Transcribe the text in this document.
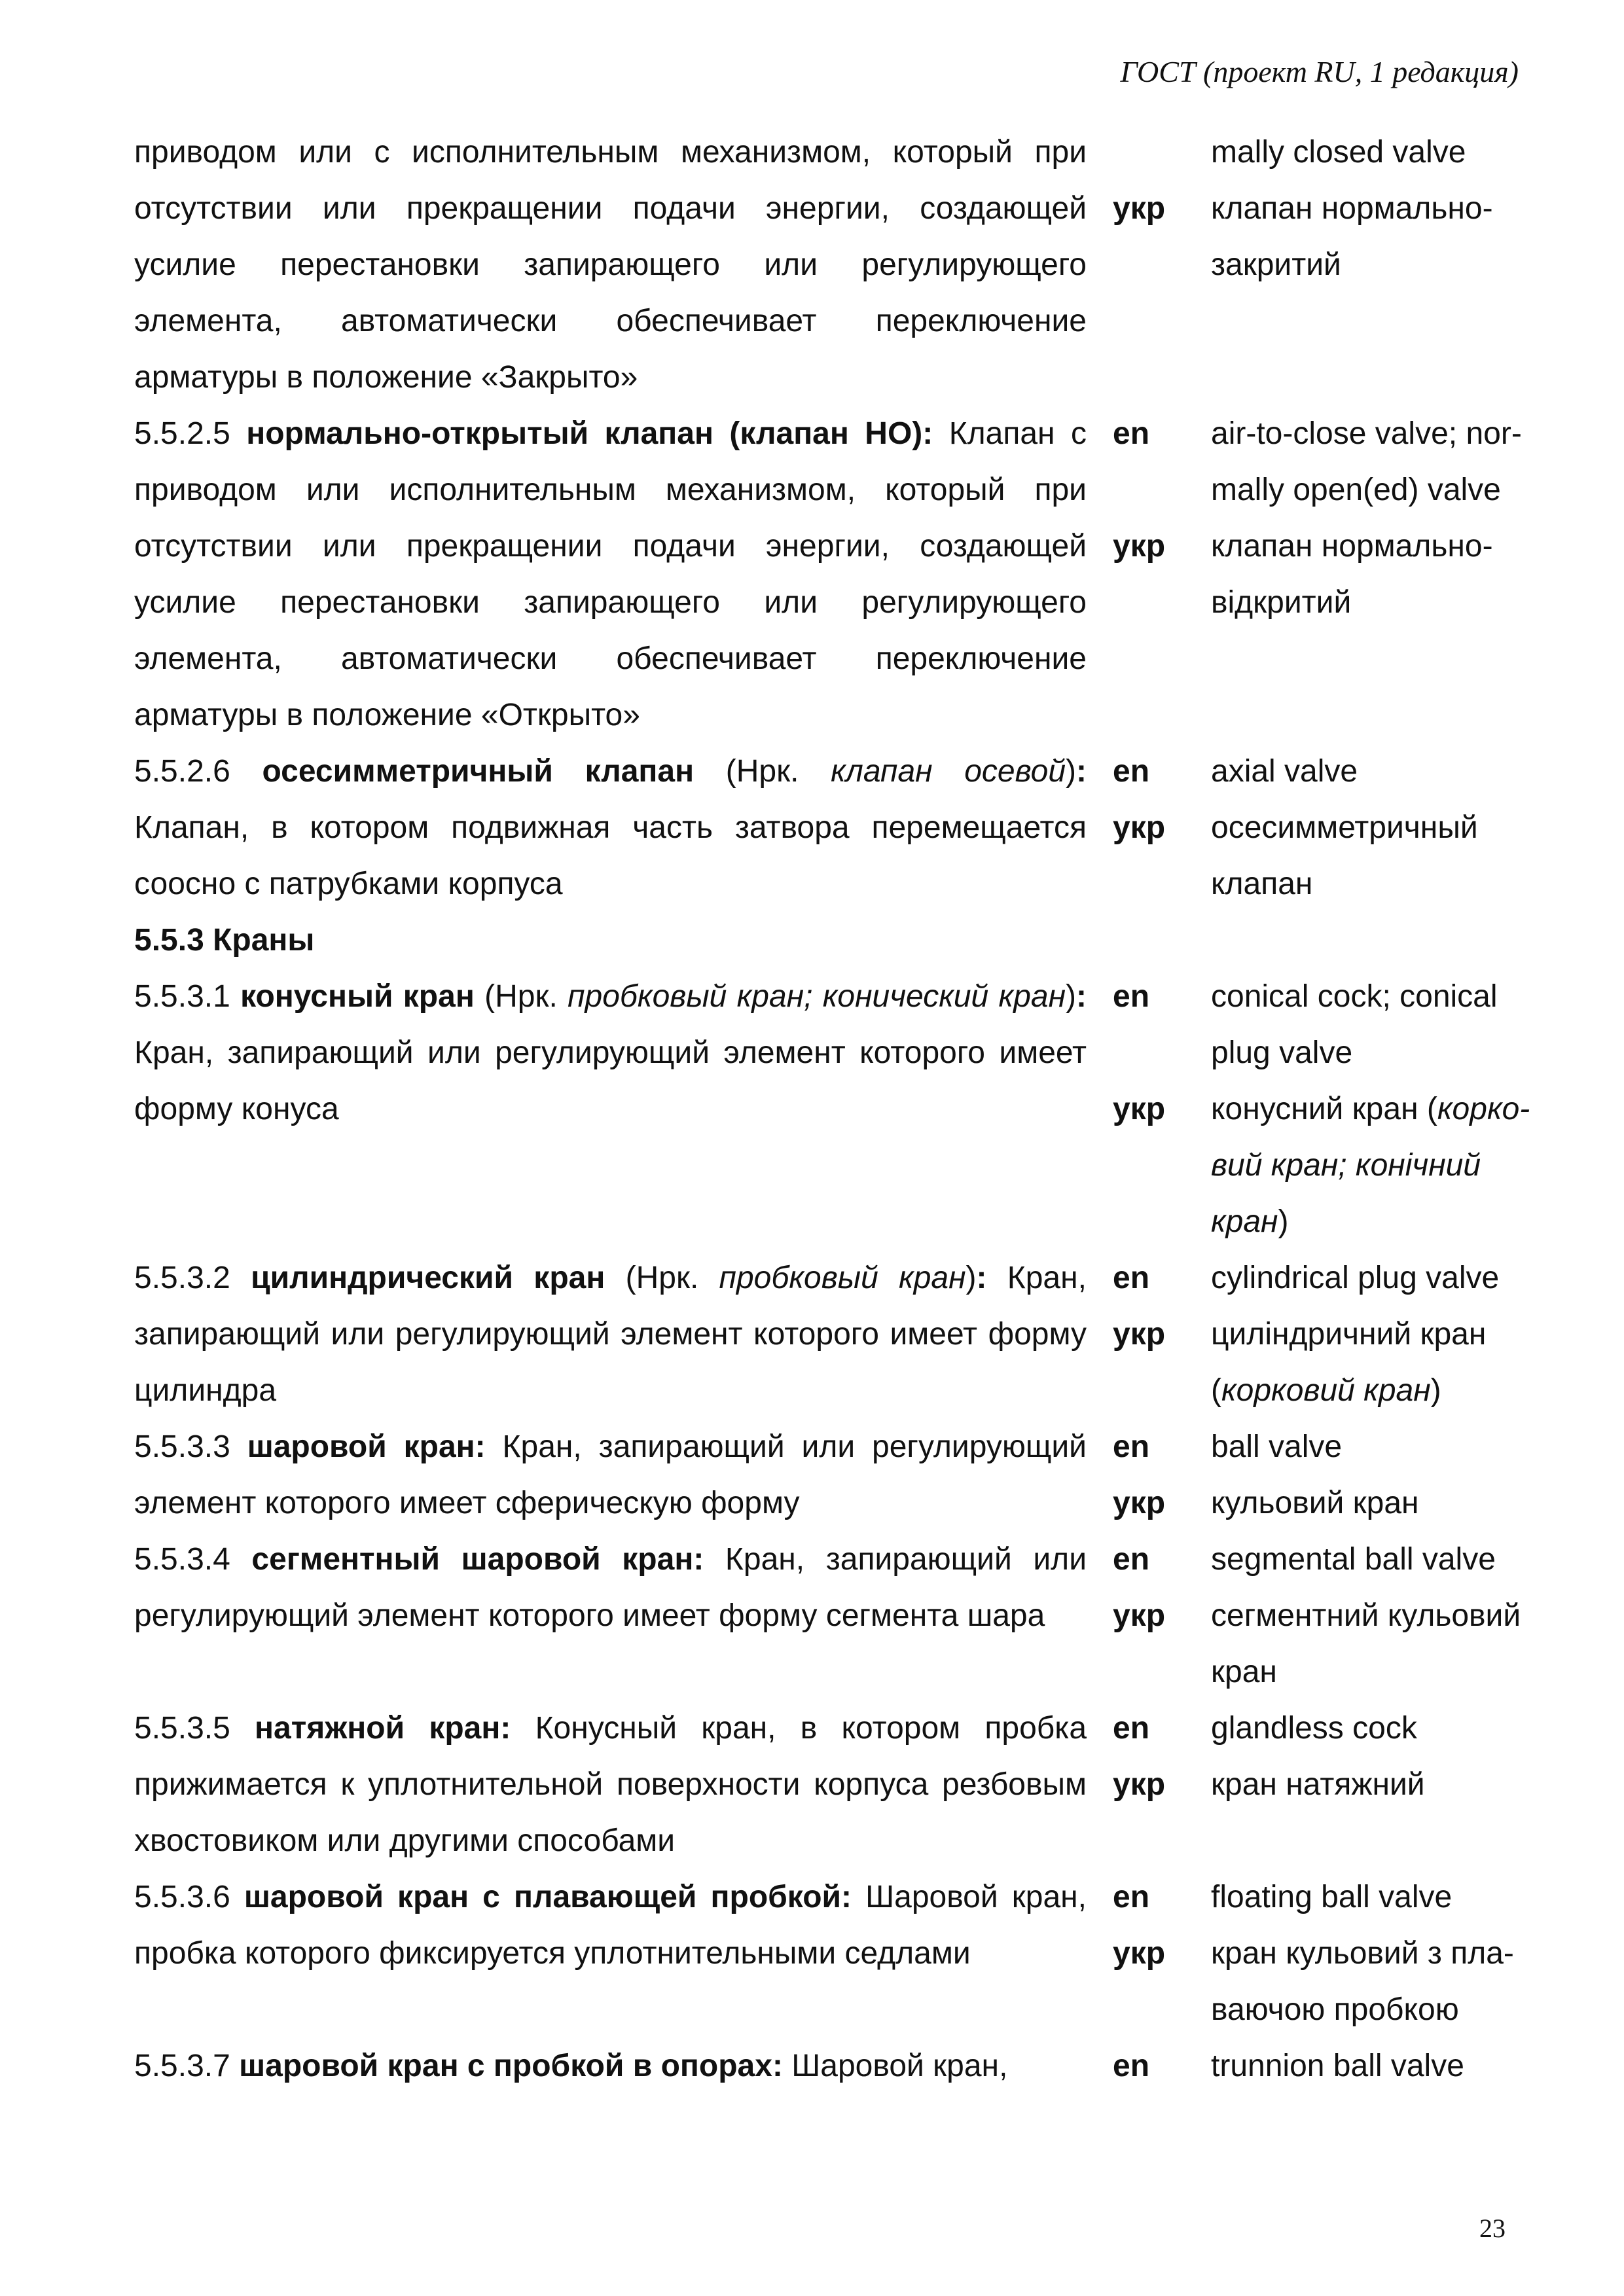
ГОСТ (проект RU, 1 редакция)
приводом или с исполнительным механизмом, который при отсутствии или прекращении подачи энергии, создающей усилие перестановки запирающего или регулирующего элемента, автоматически обеспечивает переключение арматуры в положение «Закрыто»
укр
mally closed valve
клапан нормально-
закритий
5.5.2.5 нормально-открытый клапан (клапан НО): Клапан с приводом или исполнительным механизмом, который при отсутствии или прекращении подачи энергии, создающей усилие перестановки запирающего или регулирующего элемента, автоматически обеспечивает переключение арматуры в положение «Открыто»
en
укр
air-to-close valve; nor-
mally open(ed) valve
клапан нормально-
відкритий
5.5.2.6 осесимметричный клапан (Нрк. клапан осевой): Клапан, в котором подвижная часть затвора перемещается соосно с патрубками корпуса
en
укр
axial valve
осесимметричный
клапан
5.5.3 Краны
5.5.3.1 конусный кран (Нрк. пробковый кран; конический кран): Кран, запирающий или регулирующий элемент которого имеет форму конуса
en
укр
conical cock; conical
plug valve
конусний кран (корко-
вий кран; конічний
кран)
5.5.3.2 цилиндрический кран (Нрк. пробковый кран): Кран, запирающий или регулирующий элемент которого имеет форму цилиндра
en
укр
cylindrical plug valve
циліндричний кран
(корковий кран)
5.5.3.3 шаровой кран: Кран, запирающий или регулирующий элемент которого имеет сферическую форму
en
укр
ball valve
кульовий кран
5.5.3.4 сегментный шаровой кран: Кран, запирающий или регулирующий элемент которого имеет форму сегмента шара
en
укр
segmental ball valve
сегментний кульовий
кран
5.5.3.5 натяжной кран: Конусный кран, в котором пробка прижимается к уплотнительной поверхности корпуса резбовым хвостовиком или другими способами
en
укр
glandless cock
кран натяжний
5.5.3.6 шаровой кран с плавающей пробкой: Шаровой кран, пробка которого фиксируется уплотнительными седлами
en
укр
floating ball valve
кран кульовий з пла-
ваючою пробкою
5.5.3.7 шаровой кран с пробкой в опорах: Шаровой кран,	en	trunnion ball valve
23
